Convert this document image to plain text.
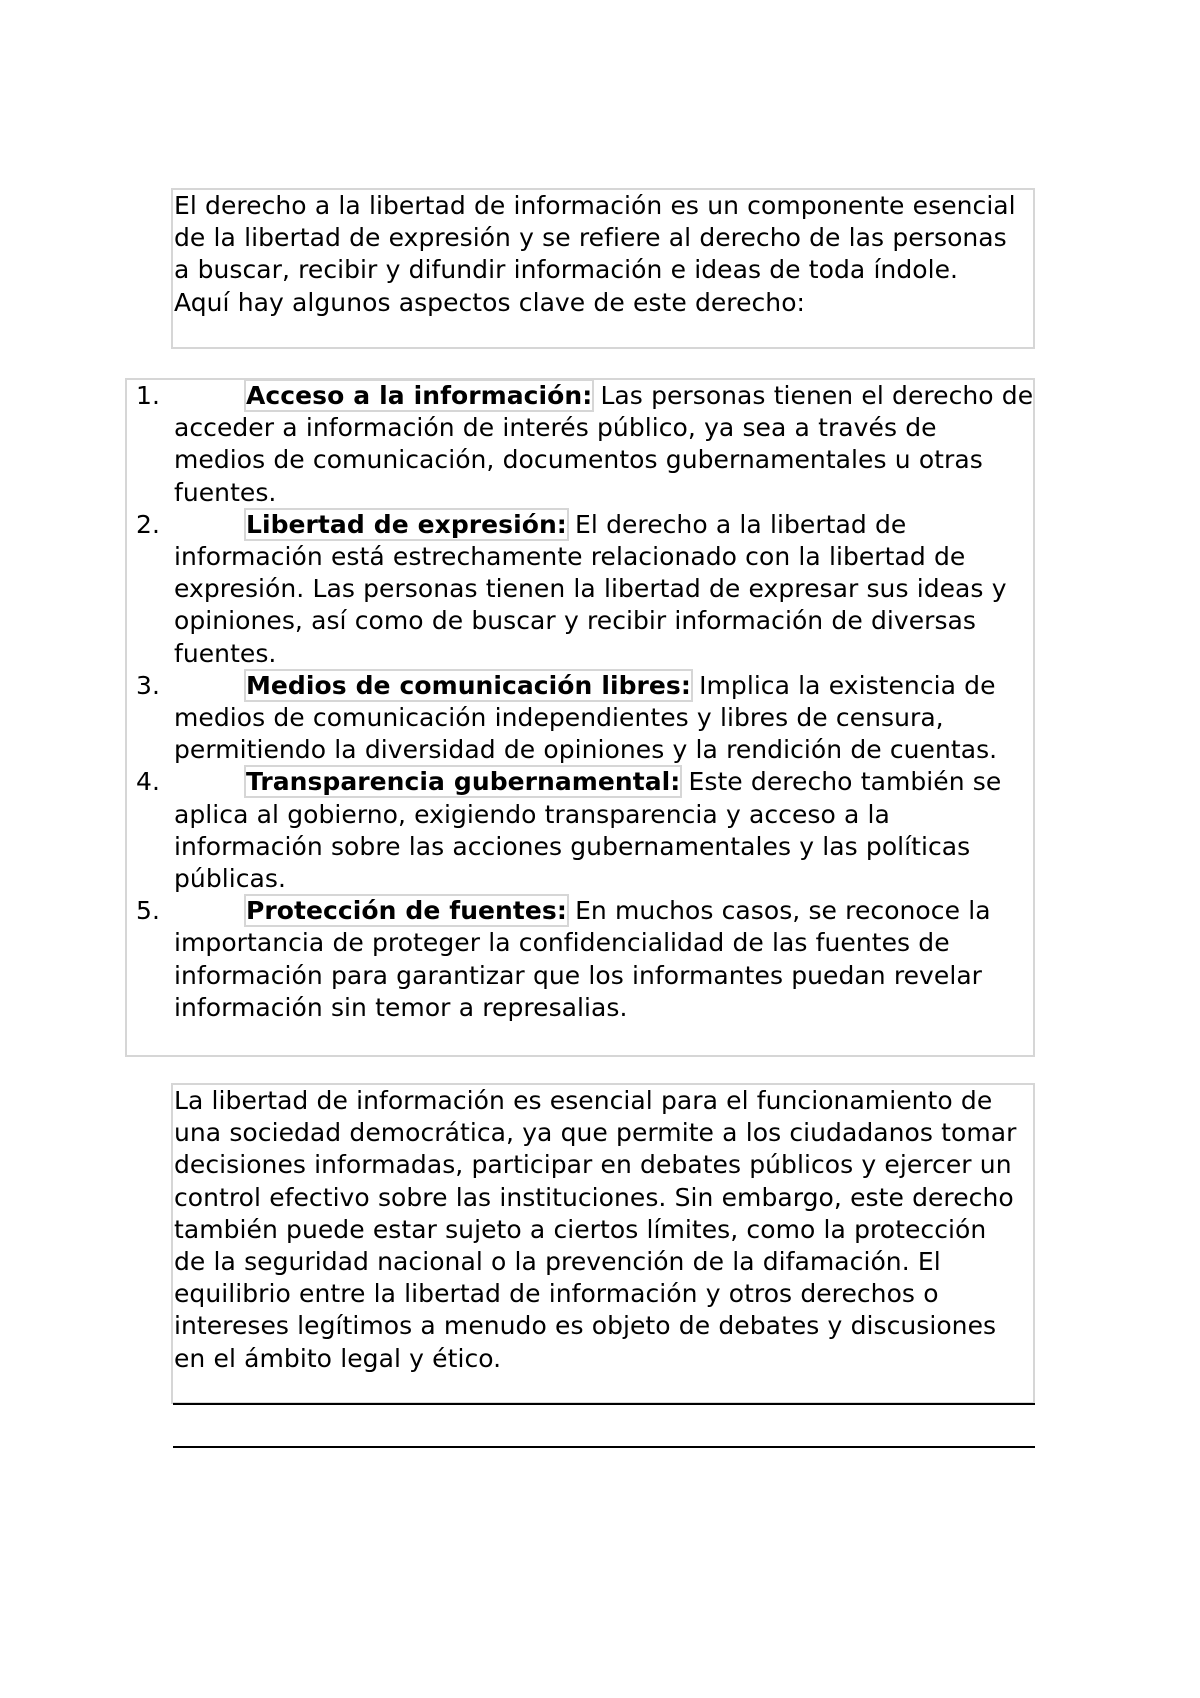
El derecho a la libertad de información es un componente esencial de la libertad de expresión y se refiere al derecho de las personas a buscar, recibir y difundir información e ideas de toda índole. Aquí hay algunos aspectos clave de este derecho:

1.	Acceso a la información: Las personas tienen el derecho de acceder a información de interés público, ya sea a través de medios de comunicación, documentos gubernamentales u otras fuentes.
2.	Libertad de expresión: El derecho a la libertad de información está estrechamente relacionado con la libertad de expresión. Las personas tienen la libertad de expresar sus ideas y opiniones, así como de buscar y recibir información de diversas fuentes.
3.	Medios de comunicación libres: Implica la existencia de medios de comunicación independientes y libres de censura, permitiendo la diversidad de opiniones y la rendición de cuentas.
4.	Transparencia gubernamental: Este derecho también se aplica al gobierno, exigiendo transparencia y acceso a la información sobre las acciones gubernamentales y las políticas públicas.
5.	Protección de fuentes: En muchos casos, se reconoce la importancia de proteger la confidencialidad de las fuentes de información para garantizar que los informantes puedan revelar información sin temor a represalias.

La libertad de información es esencial para el funcionamiento de una sociedad democrática, ya que permite a los ciudadanos tomar decisiones informadas, participar en debates públicos y ejercer un control efectivo sobre las instituciones. Sin embargo, este derecho también puede estar sujeto a ciertos límites, como la protección de la seguridad nacional o la prevención de la difamación. El equilibrio entre la libertad de información y otros derechos o intereses legítimos a menudo es objeto de debates y discusiones en el ámbito legal y ético.
